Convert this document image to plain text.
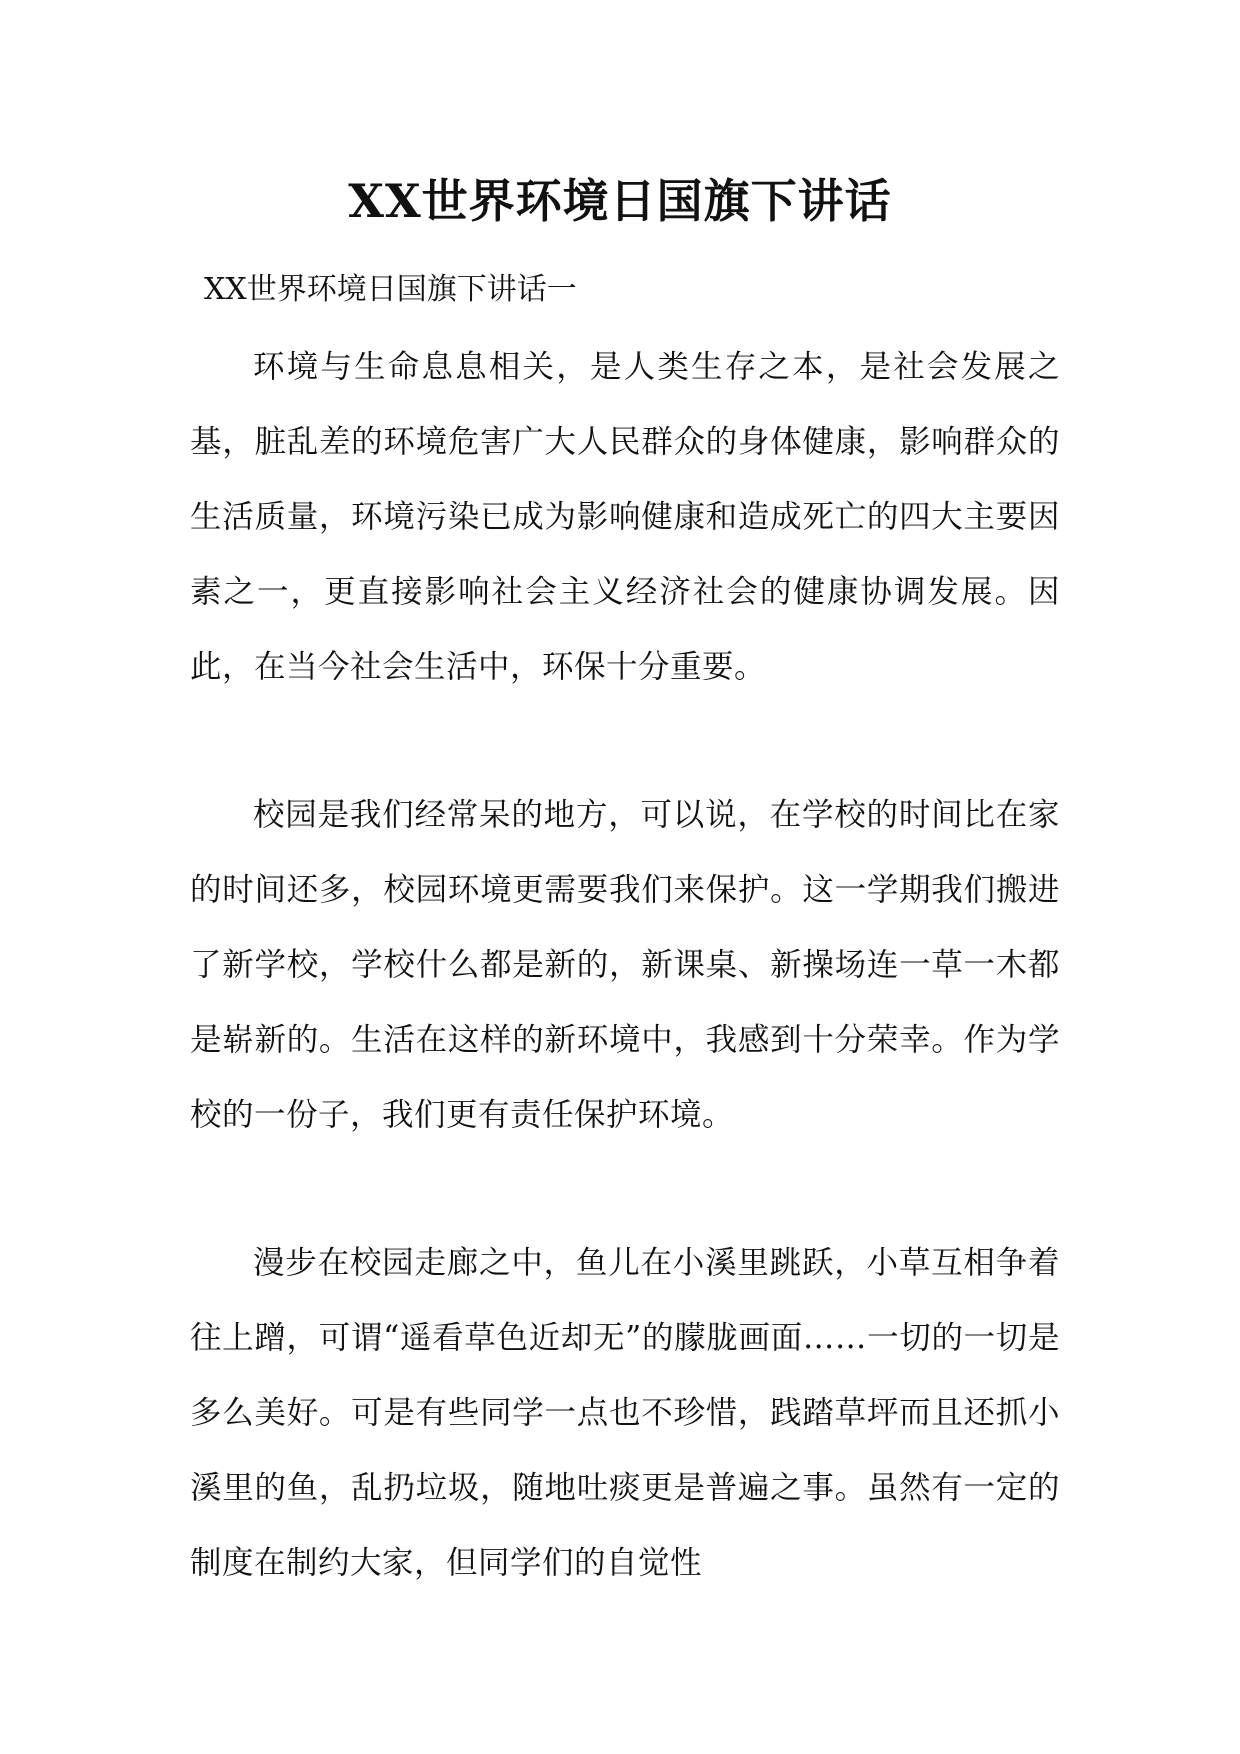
XX世界环境日国旗下讲话

XX世界环境日国旗下讲话一

环境与生命息息相关，是人类生存之本，是社会发展之基，脏乱差的环境危害广大人民群众的身体健康，影响群众的生活质量，环境污染已成为影响健康和造成死亡的四大主要因素之一，更直接影响社会主义经济社会的健康协调发展。因此，在当今社会生活中，环保十分重要。

校园是我们经常呆的地方，可以说，在学校的时间比在家的时间还多，校园环境更需要我们来保护。这一学期我们搬进了新学校，学校什么都是新的，新课桌、新操场连一草一木都是崭新的。生活在这样的新环境中，我感到十分荣幸。作为学校的一份子，我们更有责任保护环境。

漫步在校园走廊之中，鱼儿在小溪里跳跃，小草互相争着往上蹭，可谓“遥看草色近却无”的朦胧画面……一切的一切是多么美好。可是有些同学一点也不珍惜，践踏草坪而且还抓小溪里的鱼，乱扔垃圾，随地吐痰更是普遍之事。虽然有一定的制度在制约大家，但同学们的自觉性
